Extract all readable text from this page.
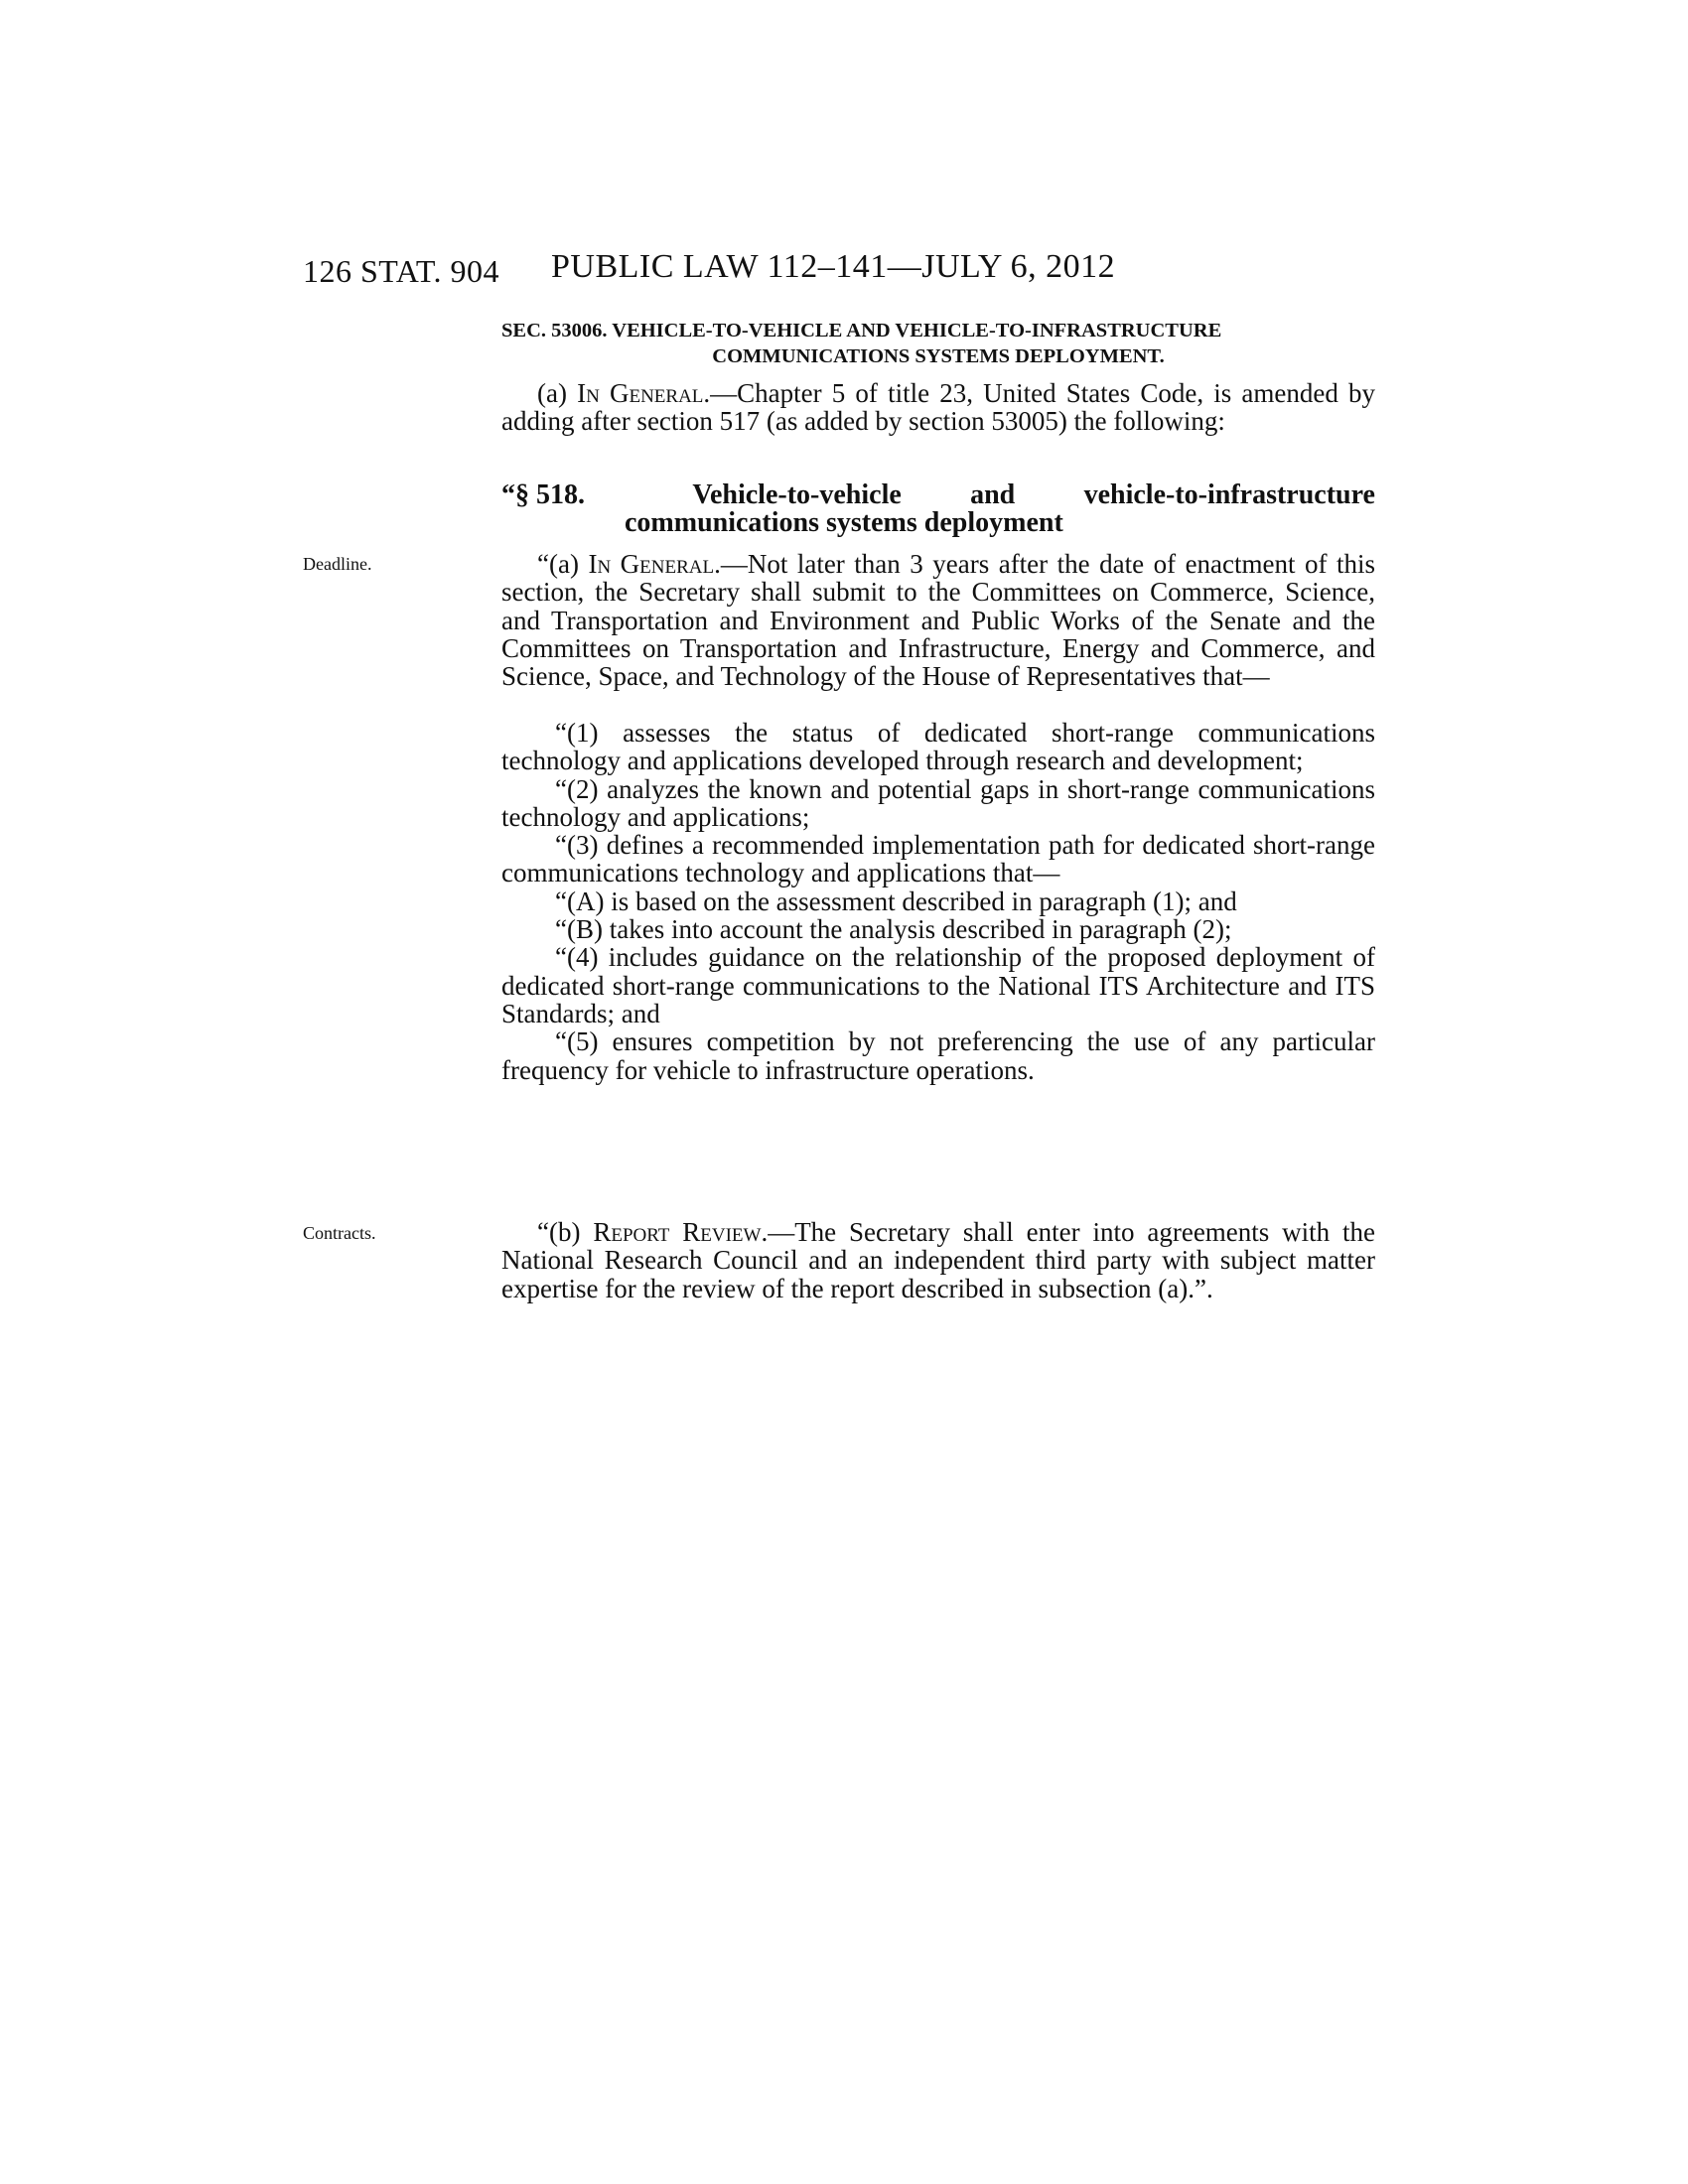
126 STAT. 904 PUBLIC LAW 112–141—JULY 6, 2012
SEC. 53006. VEHICLE-TO-VEHICLE AND VEHICLE-TO-INFRASTRUCTURE
COMMUNICATIONS SYSTEMS DEPLOYMENT.
(a) In General.—Chapter 5 of title 23, United States Code, is amended by adding after section 517 (as added by section 53005) the following:
“§ 518.	Vehicle-to-vehicle and vehicle-to-infrastructure
communications systems deployment
Deadline.	“(a) In General.—Not later than 3 years after the date of enactment of this section, the Secretary shall submit to the Committees on Commerce, Science, and Transportation and Environment and Public Works of the Senate and the Committees on Transportation and Infrastructure, Energy and Commerce, and Science, Space, and Technology of the House of Representatives that—

“(1) assesses the status of dedicated short-range communications technology and applications developed through research and development;

“(2) analyzes the known and potential gaps in short-range communications technology and applications;

“(3) defines a recommended implementation path for dedicated short-range communications technology and applications that—

“(A) is based on the assessment described in paragraph (1); and

“(B) takes into account the analysis described in paragraph (2);

“(4) includes guidance on the relationship of the proposed deployment of dedicated short-range communications to the National ITS Architecture and ITS Standards; and

“(5) ensures competition by not preferencing the use of any particular frequency for vehicle to infrastructure operations.

Contracts.	“(b) Report Review.—The Secretary shall enter into agreements with the National Research Council and an independent third party with subject matter expertise for the review of the report described in subsection (a).”.
